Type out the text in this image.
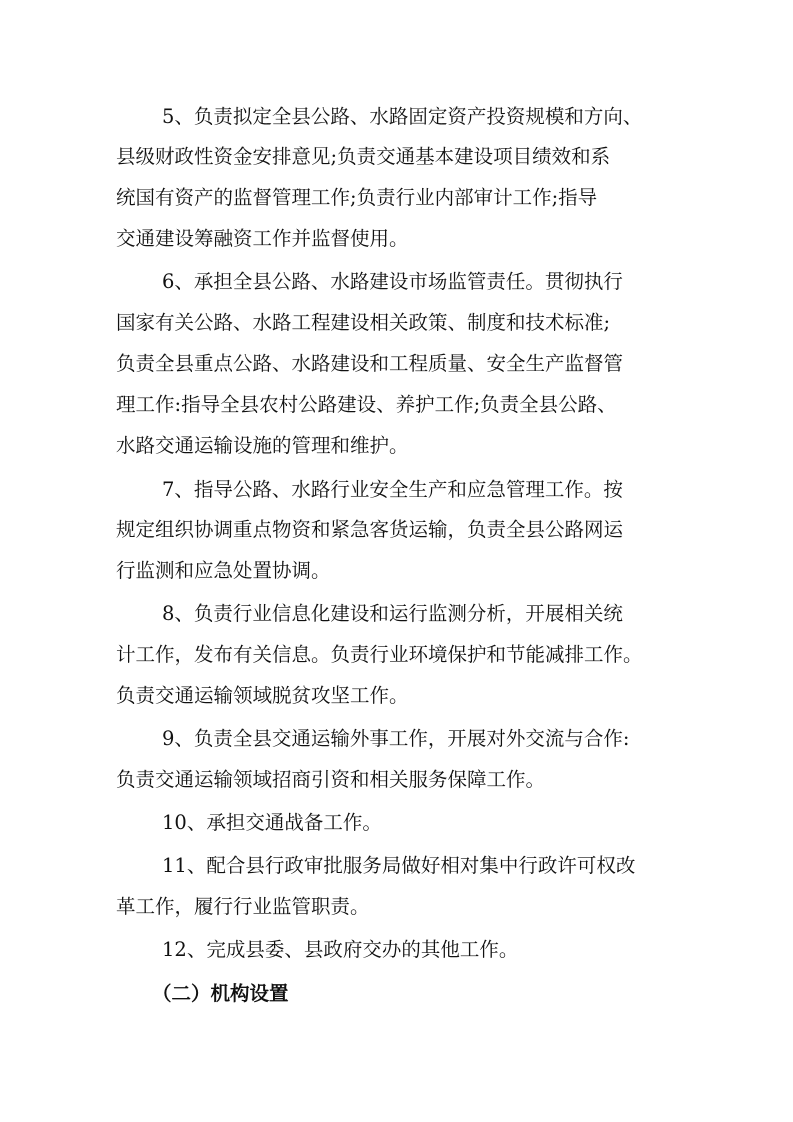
5、负责拟定全县公路、水路固定资产投资规模和方向、

县级财政性资金安排意见;负责交通基本建设项目绩效和系

统国有资产的监督管理工作;负责行业内部审计工作;指导

交通建设筹融资工作并监督使用。

6、承担全县公路、水路建设市场监管责任。贯彻执行

国家有关公路、水路工程建设相关政策、制度和技术标准;

负责全县重点公路、水路建设和工程质量、安全生产监督管

理工作:指导全县农村公路建设、养护工作;负责全县公路、

水路交通运输设施的管理和维护。

7、指导公路、水路行业安全生产和应急管理工作。按

规定组织协调重点物资和紧急客货运输，负责全县公路网运

行监测和应急处置协调。

8、负责行业信息化建设和运行监测分析，开展相关统

计工作，发布有关信息。负责行业环境保护和节能减排工作。

负责交通运输领域脱贫攻坚工作。

9、负责全县交通运输外事工作，开展对外交流与合作:

负责交通运输领域招商引资和相关服务保障工作。

10、承担交通战备工作。

11、配合县行政审批服务局做好相对集中行政许可权改

革工作，履行行业监管职责。

12、完成县委、县政府交办的其他工作。

（二）机构设置
